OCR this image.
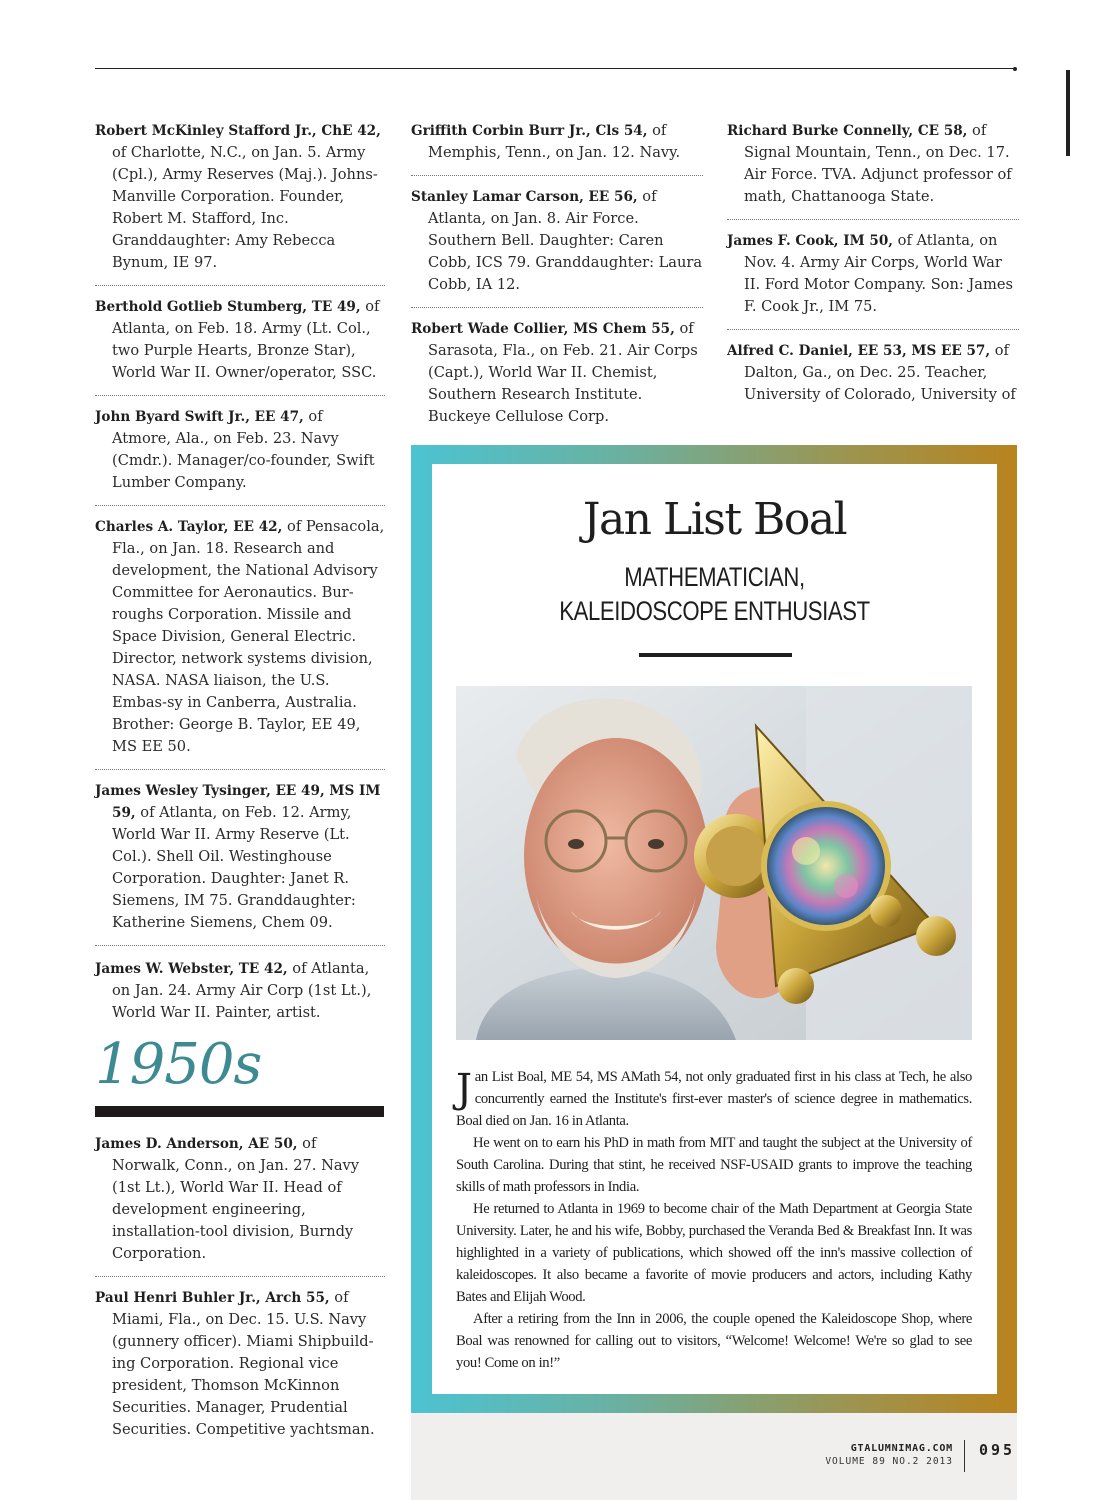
Robert McKinley Stafford Jr., ChE 42, of Charlotte, N.C., on Jan. 5. Army (Cpl.), Army Reserves (Maj.). Johns-Manville Corporation. Founder, Robert M. Stafford, Inc. Granddaughter: Amy Rebecca Bynum, IE 97.

Berthold Gotlieb Stumberg, TE 49, of Atlanta, on Feb. 18. Army (Lt. Col., two Purple Hearts, Bronze Star), World War II. Owner/operator, SSC.

John Byard Swift Jr., EE 47, of Atmore, Ala., on Feb. 23. Navy (Cmdr.). Manager/co-founder, Swift Lumber Company.

Charles A. Taylor, EE 42, of Pensacola, Fla., on Jan. 18. Research and development, the National Advisory Committee for Aeronautics. Bur-roughs Corporation. Missile and Space Division, General Electric. Director, network systems division, NASA. NASA liaison, the U.S. Embas-sy in Canberra, Australia. Brother: George B. Taylor, EE 49, MS EE 50.

James Wesley Tysinger, EE 49, MS IM 59, of Atlanta, on Feb. 12. Army, World War II. Army Reserve (Lt. Col.). Shell Oil. Westinghouse Corporation. Daughter: Janet R. Siemens, IM 75. Granddaughter: Katherine Siemens, Chem 09.

James W. Webster, TE 42, of Atlanta, on Jan. 24. Army Air Corp (1st Lt.), World War II. Painter, artist.

1950s

James D. Anderson, AE 50, of Norwalk, Conn., on Jan. 27. Navy (1st Lt.), World War II. Head of development engineering, installation-tool division, Burndy Corporation.

Paul Henri Buhler Jr., Arch 55, of Miami, Fla., on Dec. 15. U.S. Navy (gunnery officer). Miami Shipbuild-ing Corporation. Regional vice president, Thomson McKinnon Securities. Manager, Prudential Securities. Competitive yachtsman.

Griffith Corbin Burr Jr., Cls 54, of Memphis, Tenn., on Jan. 12. Navy.

Stanley Lamar Carson, EE 56, of Atlanta, on Jan. 8. Air Force. Southern Bell. Daughter: Caren Cobb, ICS 79. Granddaughter: Laura Cobb, IA 12.

Robert Wade Collier, MS Chem 55, of Sarasota, Fla., on Feb. 21. Air Corps (Capt.), World War II. Chemist, Southern Research Institute. Buckeye Cellulose Corp.

Richard Burke Connelly, CE 58, of Signal Mountain, Tenn., on Dec. 17. Air Force. TVA. Adjunct professor of math, Chattanooga State.

James F. Cook, IM 50, of Atlanta, on Nov. 4. Army Air Corps, World War II. Ford Motor Company. Son: James F. Cook Jr., IM 75.

Alfred C. Daniel, EE 53, MS EE 57, of Dalton, Ga., on Dec. 25. Teacher, University of Colorado, University of

Jan List Boal
MATHEMATICIAN,
KALEIDOSCOPE ENTHUSIAST

Jan List Boal, ME 54, MS AMath 54, not only graduated first in his class at Tech, he also concurrently earned the Institute's first-ever master's of science degree in mathematics. Boal died on Jan. 16 in Atlanta.

He went on to earn his PhD in math from MIT and taught the subject at the University of South Carolina. During that stint, he received NSF-USAID grants to improve the teaching skills of math professors in India.

He returned to Atlanta in 1969 to become chair of the Math Department at Georgia State University. Later, he and his wife, Bobby, purchased the Veranda Bed & Breakfast Inn. It was highlighted in a variety of publications, which showed off the inn's massive collection of kaleidoscopes. It also became a favorite of movie producers and actors, including Kathy Bates and Elijah Wood.

After a retiring from the Inn in 2006, the couple opened the Kaleidoscope Shop, where Boal was renowned for calling out to visitors, “Welcome! Welcome! We're so glad to see you! Come on in!”

GTALUMNIMAG.COM
VOLUME 89 NO.2 2013
095
